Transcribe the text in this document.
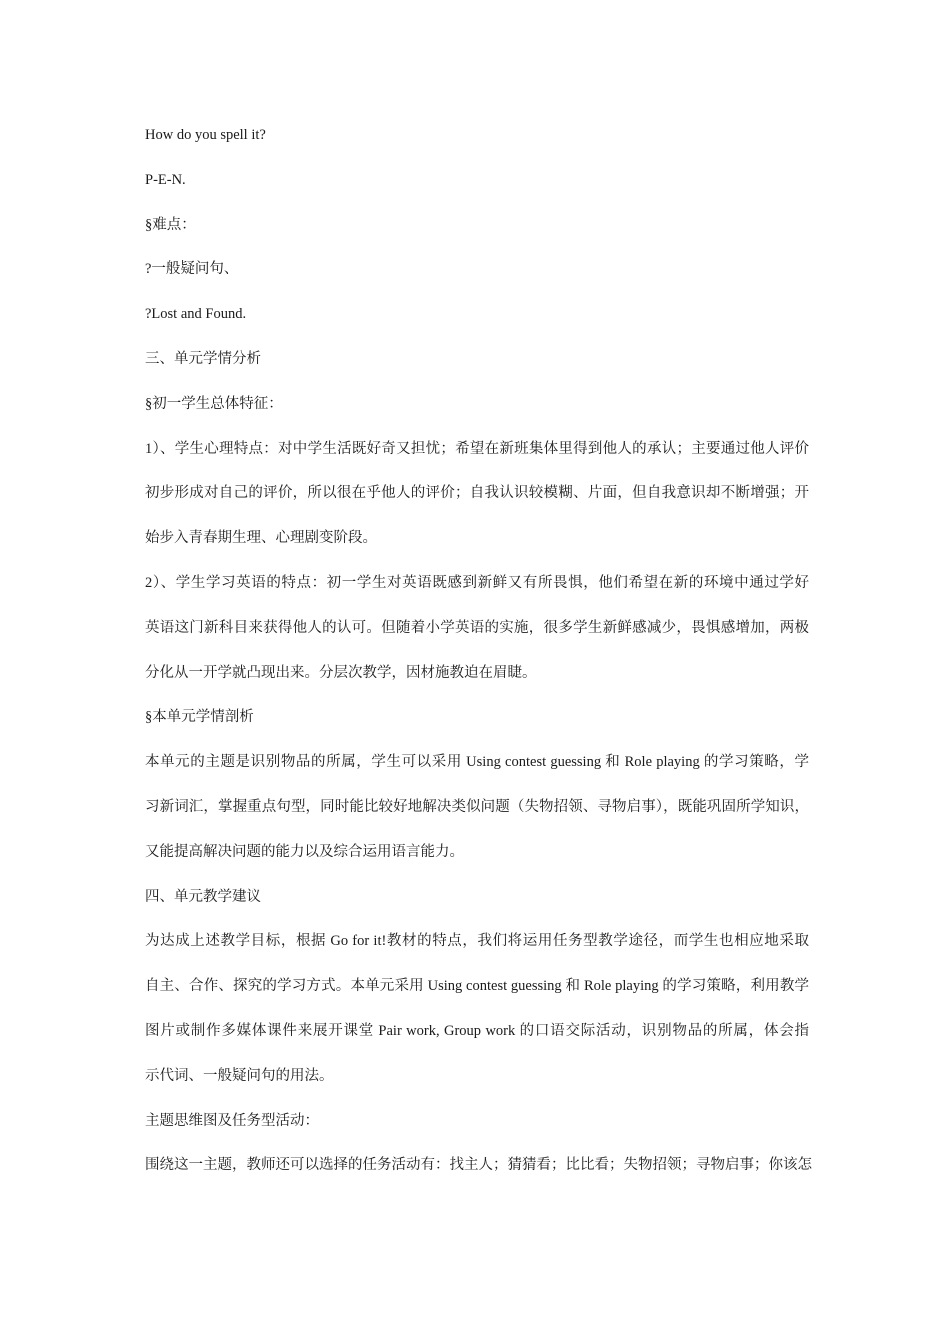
How do you spell it?

P-E-N.

§难点：

?一般疑问句、

?Lost and Found.

三、单元学情分析

§初一学生总体特征：

1）、学生心理特点：对中学生活既好奇又担忧；希望在新班集体里得到他人的承认；主要通过他人评价

初步形成对自己的评价，所以很在乎他人的评价；自我认识较模糊、片面，但自我意识却不断增强；开

始步入青春期生理、心理剧变阶段。

2）、学生学习英语的特点：初一学生对英语既感到新鲜又有所畏惧，他们希望在新的环境中通过学好

英语这门新科目来获得他人的认可。但随着小学英语的实施，很多学生新鲜感减少，畏惧感增加，两极

分化从一开学就凸现出来。分层次教学，因材施教迫在眉睫。

§本单元学情剖析

本单元的主题是识别物品的所属，学生可以采用 Using contest guessing 和 Role playing 的学习策略，学

习新词汇，掌握重点句型，同时能比较好地解决类似问题（失物招领、寻物启事），既能巩固所学知识，

又能提高解决问题的能力以及综合运用语言能力。

四、单元教学建议

为达成上述教学目标，根据 Go for it!教材的特点，我们将运用任务型教学途径，而学生也相应地采取

自主、合作、探究的学习方式。本单元采用 Using contest guessing 和 Role playing 的学习策略，利用教学

图片或制作多媒体课件来展开课堂 Pair work, Group work 的口语交际活动，识别物品的所属，体会指

示代词、一般疑问句的用法。

主题思维图及任务型活动：

围绕这一主题，教师还可以选择的任务活动有：找主人；猜猜看；比比看；失物招领；寻物启事；你该怎
